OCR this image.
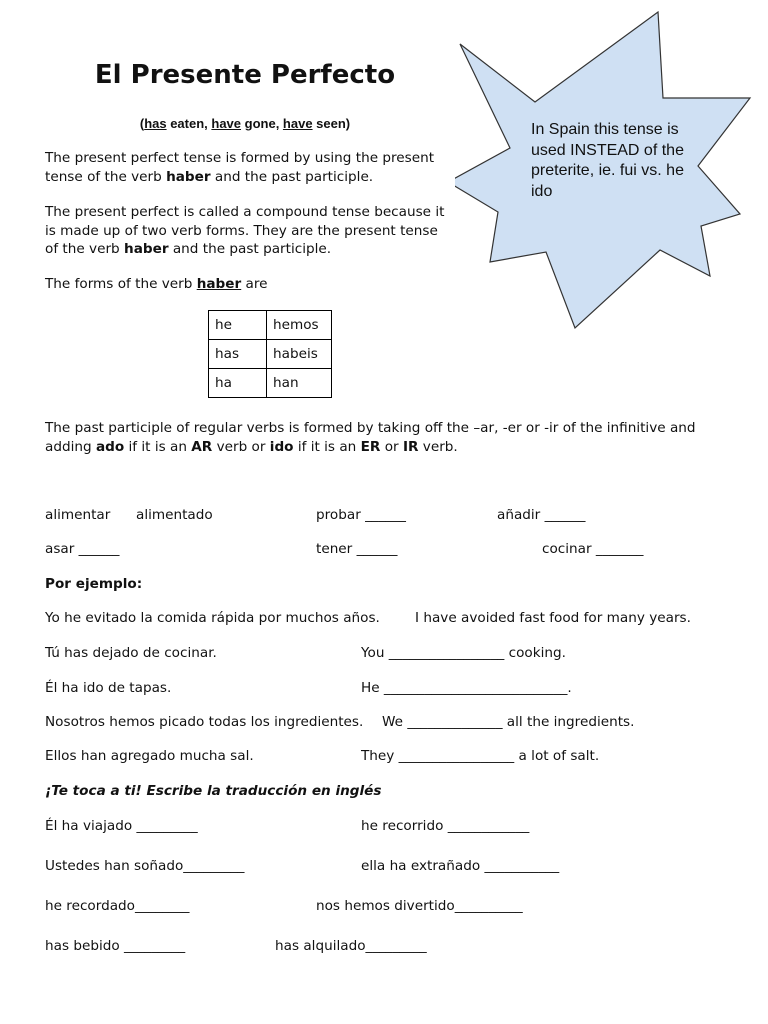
El Presente Perfecto
(has eaten, have gone, have seen)	In Spain this tense is used INSTEAD of the preterite, ie. fui vs. he ido
The present perfect tense is formed by using the present tense of the verb haber and the past participle.
The present perfect is called a compound tense because it is made up of two verb forms. They are the present tense of the verb haber and the past participle.
The forms of the verb haber are
he	hemos
has	habeis
ha	han
The past participle of regular verbs is formed by taking off the –ar, -er or -ir of the infinitive and adding ado if it is an AR verb or ido if it is an ER or IR verb.
alimentar alimentado	probar ______	añadir ______
asar ______	tener ______	cocinar _______
Por ejemplo:
Yo he evitado la comida rápida por muchos años.	I have avoided fast food for many years.
Tú has dejado de cocinar.	You _________________ cooking.
Él ha ido de tapas.	He ___________________________.
Nosotros hemos picado todas los ingredientes. We ______________ all the ingredients.
Ellos han agregado mucha sal.	They _________________ a lot of salt.
¡Te toca a ti! Escribe la traducción en inglés
Él ha viajado _________	he recorrido ____________
Ustedes han soñado_________	ella ha extrañado ___________
he recordado________	nos hemos divertido__________
has bebido _________	has alquilado_________
